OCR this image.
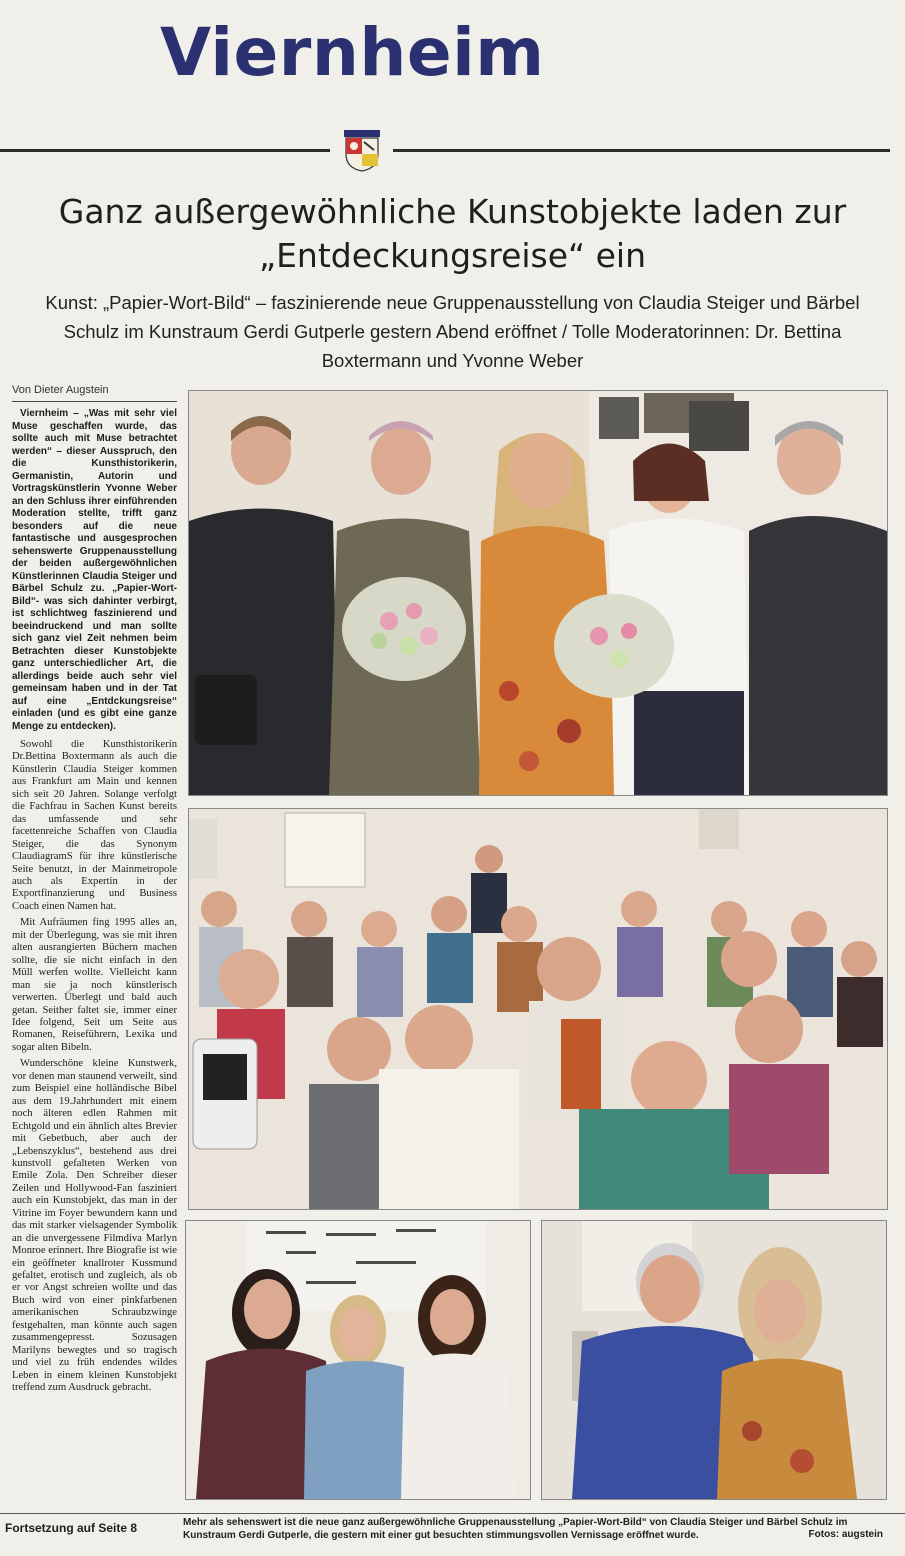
Viernheim
Ganz außergewöhnliche Kunstobjekte laden zur „Entdeckungsreise“ ein
Kunst: „Papier-Wort-Bild“ – faszinierende neue Gruppenausstellung von Claudia Steiger und Bärbel Schulz im Kunstraum Gerdi Gutperle gestern Abend eröffnet / Tolle Moderatorinnen: Dr. Bettina Boxtermann und Yvonne Weber
Von Dieter Augstein

Viernheim – „Was mit sehr viel Muse geschaffen wurde, das sollte auch mit Muse betrachtet werden“ – dieser Ausspruch, den die Kunsthistorikerin, Germanistin, Autorin und Vortragskünstlerin Yvonne Weber an den Schluss ihrer einführenden Moderation stellte, trifft ganz besonders auf die neue fantastische und ausgesprochen sehenswerte Gruppenausstellung der beiden außergewöhnlichen Künstlerinnen Claudia Steiger und Bärbel Schulz zu. „Papier-Wort-Bild“- was sich dahinter verbirgt, ist schlichtweg faszinierend und beeindruckend und man sollte sich ganz viel Zeit nehmen beim Betrachten dieser Kunstobjekte ganz unterschiedlicher Art, die allerdings beide auch sehr viel gemeinsam haben und in der Tat auf eine „Entdckungsreise“ einladen (und es gibt eine ganze Menge zu entdecken).

Sowohl die Kunsthistorikerin Dr.Bettina Boxtermann als auch die Künstlerin Claudia Steiger kommen aus Frankfurt am Main und kennen sich seit 20 Jahren. Solange verfolgt die Fachfrau in Sachen Kunst bereits das umfassende und sehr facettenreiche Schaffen von Claudia Steiger, die das Synonym ClaudiagramS für ihre künstlerische Seite benutzt, in der Mainmetropole auch als Expertin in der Exportfinanzierung und Business Coach einen Namen hat.

Mit Aufräumen fing 1995 alles an, mit der Überlegung, was sie mit ihren alten ausrangierten Büchern machen sollte, die sie nicht einfach in den Müll werfen wollte. Vielleicht kann man sie ja noch künstlerisch verwerten. Überlegt und bald auch getan. Seither faltet sie, immer einer Idee folgend, Seit um Seite aus Romanen, Reiseführern, Lexika und sogar alten Bibeln.

Wunderschöne kleine Kunstwerk, vor denen man staunend verweilt, sind zum Beispiel eine holländische Bibel aus dem 19.Jahrhundert mit einem noch älteren edlen Rahmen mit Echtgold und ein ähnlich altes Brevier mit Gebetbuch, aber auch der „Lebenszyklus“, bestehend aus drei kunstvoll gefalteten Werken von Emile Zola. Den Schreiber dieser Zeilen und Hollywood-Fan fasziniert auch ein Kunstobjekt, das man in der Vitrine im Foyer bewundern kann und das mit starker vielsagender Symbolik an die unvergessene Filmdiva Marlyn Monroe erinnert. Ihre Biografie ist wie ein geöffneter knallroter Kussmund gefaltet, erotisch und zugleich, als ob er vor Angst schreien wollte und das Buch wird von einer pinkfarbenen amerikanischen Schraubzwinge festgehalten, man könnte auch sagen zusammengepresst. Sozusagen Marilyns bewegtes und so tragisch und viel zu früh endendes wildes Leben in einem kleinen Kunstobjekt treffend zum Ausdruck gebracht.

Fortsetzung auf Seite 8	Mehr als sehenswert ist die neue ganz außergewöhnliche Gruppenausstellung „Papier-Wort-Bild“ von Claudia Steiger und Bärbel Schulz im Kunstraum Gerdi Gutperle, die gestern mit einer gut besuchten stimmungsvollen Vernissage eröffnet wurde.	Fotos: augstein
